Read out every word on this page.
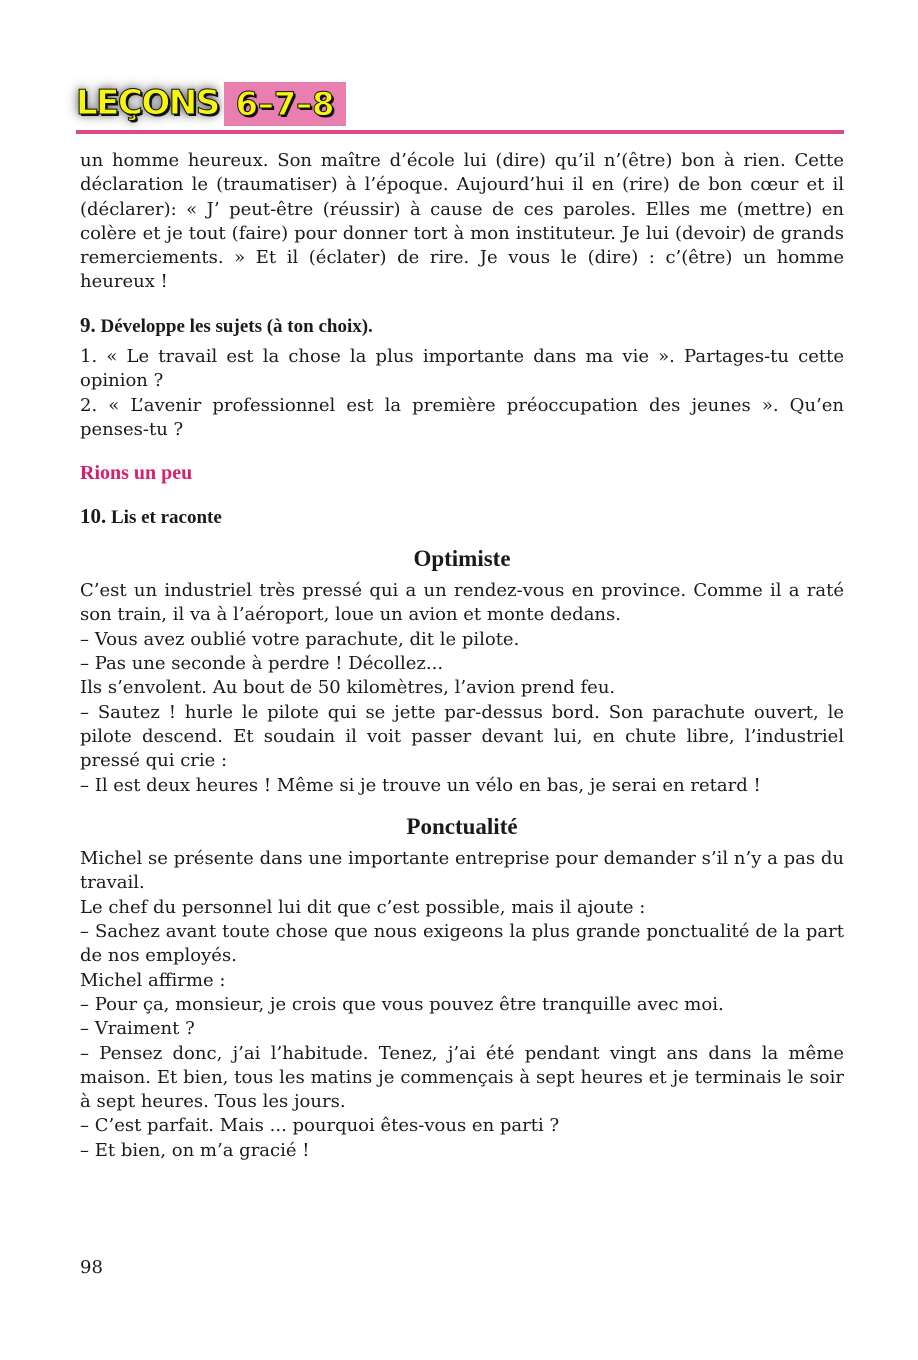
LEÇONS 6–7–8

un homme heureux. Son maître d’école lui (dire) qu’il n’(être) bon à rien. Cette déclaration le (traumatiser) à l’époque. Aujourd’hui il en (rire) de bon cœur et il (déclarer): « J’ peut-être (réussir) à cause de ces paroles. Elles me (mettre) en colère et je tout (faire) pour donner tort à mon instituteur. Je lui (devoir) de grands remerciements. » Et il (éclater) de rire. Je vous le (dire) : c’(être) un homme heureux !

9. Développe les sujets (à ton choix).

1. « Le travail est la chose la plus importante dans ma vie ». Partages-tu cette opinion ?

2. « L’avenir professionnel est la première préoccupation des jeunes ». Qu’en penses-tu ?

Rions un peu
10. Lis et raconte
Optimiste

C’est un industriel très pressé qui a un rendez-vous en province. Comme il a raté son train, il va à l’aéroport, loue un avion et monte dedans.

– Vous avez oublié votre parachute, dit le pilote.

– Pas une seconde à perdre ! Décollez...

Ils s’envolent. Au bout de 50 kilomètres, l’avion prend feu.

– Sautez ! hurle le pilote qui se jette par-dessus bord. Son parachute ouvert, le pilote descend. Et soudain il voit passer devant lui, en chute libre, l’industriel pressé qui crie :

– Il est deux heures ! Même si je trouve un vélo en bas, je serai en retard !

Ponctualité

Michel se présente dans une importante entreprise pour demander s’il n’y a pas du travail.

Le chef du personnel lui dit que c’est possible, mais il ajoute :

– Sachez avant toute chose que nous exigeons la plus grande ponctualité de la part de nos employés.

Michel affirme :

– Pour ça, monsieur, je crois que vous pouvez être tranquille avec moi.

– Vraiment ?

– Pensez donc, j’ai l’habitude. Tenez, j’ai été pendant vingt ans dans la même maison. Et bien, tous les matins je commençais à sept heures et je terminais le soir à sept heures. Tous les jours.

– C’est parfait. Mais ... pourquoi êtes-vous en parti ?

– Et bien, on m’a gracié !

98
